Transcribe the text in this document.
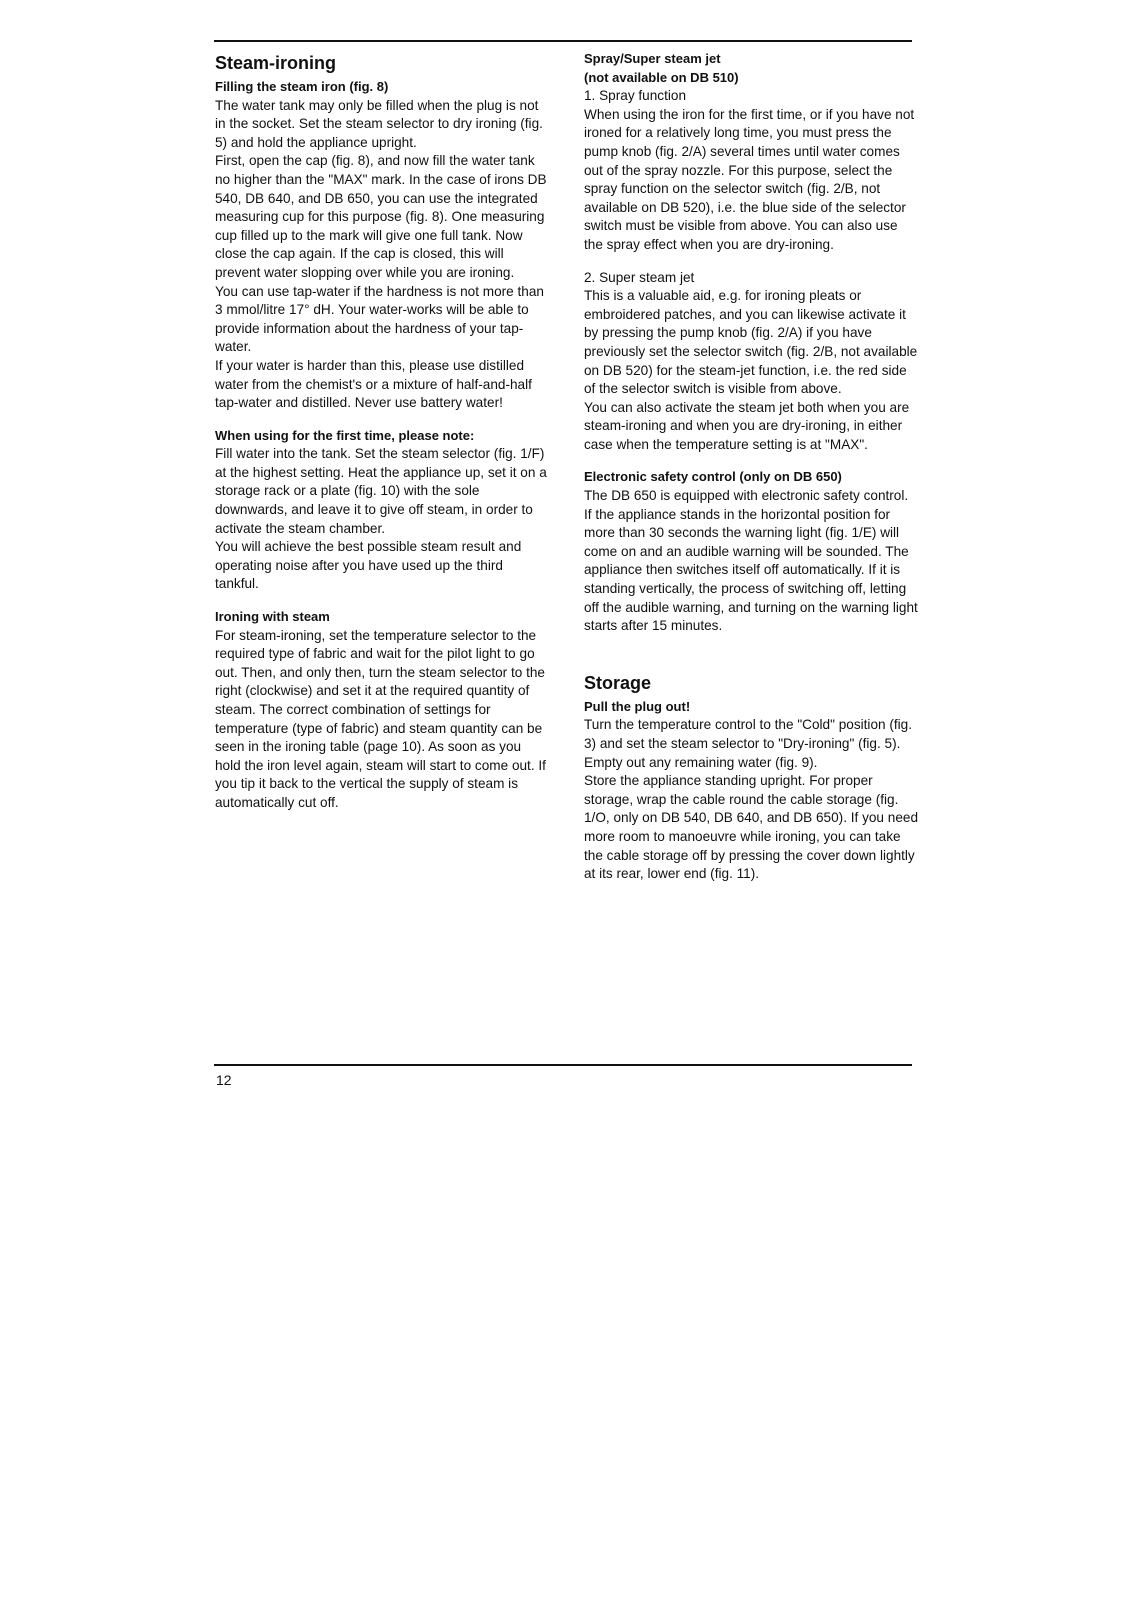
Steam-ironing

Filling the steam iron (fig. 8)

The water tank may only be filled when the plug is not in the socket. Set the steam selector to dry ironing (fig. 5) and hold the appliance upright.

First, open the cap (fig. 8), and now fill the water tank no higher than the "MAX" mark. In the case of irons DB 540, DB 640, and DB 650, you can use the integrated measuring cup for this purpose (fig. 8). One measuring cup filled up to the mark will give one full tank. Now close the cap again. If the cap is closed, this will prevent water slopping over while you are ironing.

You can use tap-water if the hardness is not more than 3 mmol/litre 17° dH. Your water-works will be able to provide information about the hardness of your tap-water.

If your water is harder than this, please use distilled water from the chemist's or a mixture of half-and-half tap-water and distilled. Never use battery water!

When using for the first time, please note:

Fill water into the tank. Set the steam selector (fig. 1/F) at the highest setting. Heat the appliance up, set it on a storage rack or a plate (fig. 10) with the sole downwards, and leave it to give off steam, in order to activate the steam chamber.

You will achieve the best possible steam result and operating noise after you have used up the third tankful.

Ironing with steam

For steam-ironing, set the temperature selector to the required type of fabric and wait for the pilot light to go out. Then, and only then, turn the steam selector to the right (clockwise) and set it at the required quantity of steam. The correct combination of settings for temperature (type of fabric) and steam quantity can be seen in the ironing table (page 10). As soon as you hold the iron level again, steam will start to come out. If you tip it back to the vertical the supply of steam is automatically cut off.

Spray/Super steam jet

(not available on DB 510)

1. Spray function

When using the iron for the first time, or if you have not ironed for a relatively long time, you must press the pump knob (fig. 2/A) several times until water comes out of the spray nozzle. For this purpose, select the spray function on the selector switch (fig. 2/B, not available on DB 520), i.e. the blue side of the selector switch must be visible from above. You can also use the spray effect when you are dry-ironing.

2. Super steam jet

This is a valuable aid, e.g. for ironing pleats or embroidered patches, and you can likewise activate it by pressing the pump knob (fig. 2/A) if you have previously set the selector switch (fig. 2/B, not available on DB 520) for the steam-jet function, i.e. the red side of the selector switch is visible from above.

You can also activate the steam jet both when you are steam-ironing and when you are dry-ironing, in either case when the temperature setting is at "MAX".

Electronic safety control (only on DB 650)

The DB 650 is equipped with electronic safety control. If the appliance stands in the horizontal position for more than 30 seconds the warning light (fig. 1/E) will come on and an audible warning will be sounded. The appliance then switches itself off automatically. If it is standing vertically, the process of switching off, letting off the audible warning, and turning on the warning light starts after 15 minutes.

Storage

Pull the plug out!

Turn the temperature control to the "Cold" position (fig. 3) and set the steam selector to "Dry-ironing" (fig. 5).

Empty out any remaining water (fig. 9).

Store the appliance standing upright. For proper storage, wrap the cable round the cable storage (fig. 1/O, only on DB 540, DB 640, and DB 650). If you need more room to manoeuvre while ironing, you can take the cable storage off by pressing the cover down lightly at its rear, lower end (fig. 11).

12
